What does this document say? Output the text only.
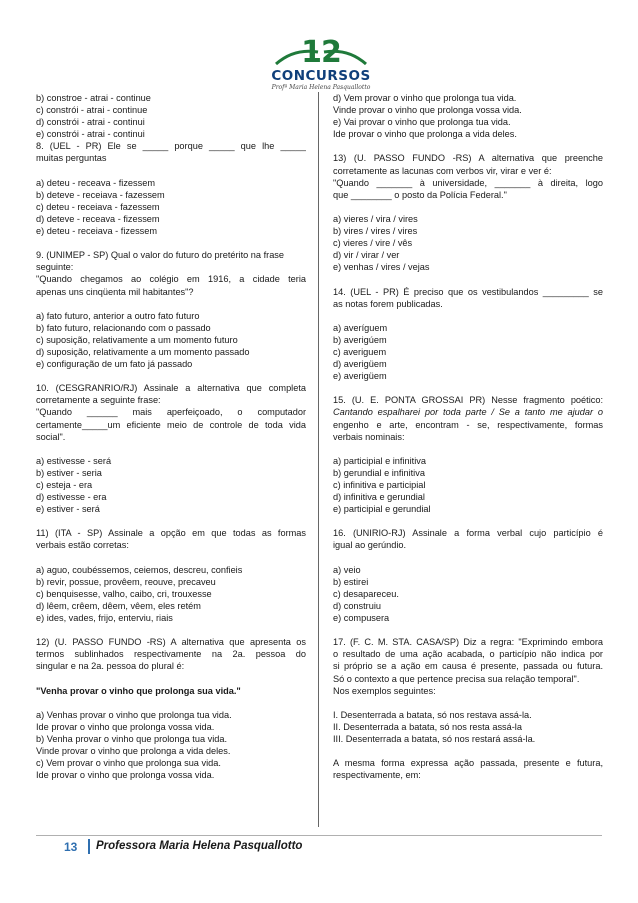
12
CONCURSOS
Profª Maria Helena Pasquallotto
b) constroe - atrai - continue
c) constrói - atrai - continue
d) constrói - atrai - continui
e) constrói - atrai - continui
8. (UEL - PR) Ele se _____ porque _____ que lhe _____
muitas perguntas
a) deteu - receava - fizessem
b) deteve - receiava - fazessem
c) deteu - receiava - fazessem
d) deteve - receava - fizessem
e) deteu - receiava - fizessem
9. (UNIMEP - SP) Qual o valor do futuro do pretérito na frase
seguinte:
"Quando chegamos ao colégio em 1916, a cidade teria
apenas uns cinqüenta mil habitantes"?
a) fato futuro, anterior a outro fato futuro
b) fato futuro, relacionando com o passado
c) suposição, relativamente a um momento futuro
d) suposição, relativamente a um momento passado
e) configuração de um fato já passado
10. (CESGRANRIO/RJ) Assinale a alternativa que completa
corretamente a seguinte frase:
"Quando ______ mais aperfeiçoado, o computador
certamente_____um eficiente meio de controle de toda vida
social".
a) estivesse - será
b) estiver - seria
c) esteja - era
d) estivesse - era
e) estiver - será
11) (ITA - SP) Assinale a opção em que todas as formas
verbais estão corretas:
a) aguo, coubéssemos, ceiemos, descreu, confieis
b) revir, possue, provêem, reouve, precaveu
c) benquisesse, valho, caibo, cri, trouxesse
d) lêem, crêem, dêem, vêem, eles retém
e) ides, vades, frijo, enterviu, riais
12) (U. PASSO FUNDO -RS) A alternativa que apresenta os
termos sublinhados respectivamente na 2a. pessoa do
singular e na 2a. pessoa do plural é:
"Venha provar o vinho que prolonga sua vida."
a) Venhas provar o vinho que prolonga tua vida.
Ide provar o vinho que prolonga vossa vida.
b) Venha provar o vinho que prolonga tua vida.
Vinde provar o vinho que prolonga a vida deles.
c) Vem provar o vinho que prolonga sua vida.
Ide provar o vinho que prolonga vossa vida.
d) Vem provar o vinho que prolonga tua vida.
Vinde provar o vinho que prolonga vossa vida.
e) Vai provar o vinho que prolonga tua vida.
Ide provar o vinho que prolonga a vida deles.
13) (U. PASSO FUNDO -RS) A alternativa que preenche
corretamente as lacunas com verbos vir, virar e ver é:
"Quando _______ à universidade, _______ à direita, logo
que ________ o posto da Polícia Federal."
a) vieres / vira / vires
b) vires / vires / vires
c) vieres / vire / vês
d) vir / virar / ver
e) venhas / vires / vejas
14. (UEL - PR) É preciso que os vestibulandos _________ se
as notas forem publicadas.
a) averíguem
b) averigúem
c) averiguem
d) averigüem
e) averigüem
15. (U. E. PONTA GROSSAI PR) Nesse fragmento poético:
Cantando espalharei por toda parte / Se a tanto me ajudar o
engenho e arte, encontram - se, respectivamente, formas
verbais nominais:
a) participial e infinitiva
b) gerundial e infinitiva
c) infinitiva e participial
d) infinitiva e gerundial
e) participial e gerundial
16. (UNIRIO-RJ) Assinale a forma verbal cujo particípio é
igual ao gerúndio.
a) veio
b) estirei
c) desapareceu.
d) construiu
e) compusera
17. (F. C. M. STA. CASA/SP) Diz a regra: "Exprimindo embora
o resultado de uma ação acabada, o particípio não indica por
si próprio se a ação em causa é presente, passada ou futura.
Só o contexto a que pertence precisa sua relação temporal".
Nos exemplos seguintes:
I. Desenterrada a batata, só nos restava assá-la.
II. Desenterrada a batata, só nos resta assá-la
III. Desenterrada a batata, só nos restará assá-la.
A mesma forma expressa ação passada, presente e futura,
respectivamente, em:
13 Professora Maria Helena Pasquallotto
